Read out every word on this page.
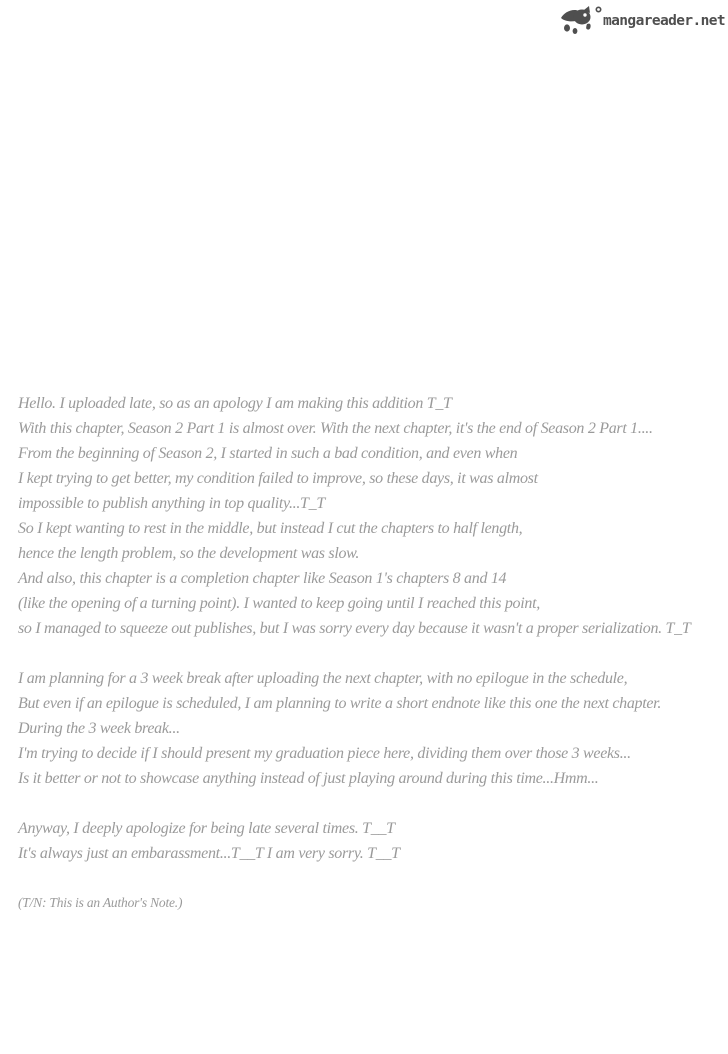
mangareader.net
Hello. I uploaded late, so as an apology I am making this addition T_T
With this chapter, Season 2 Part 1 is almost over. With the next chapter, it's the end of Season 2 Part 1....
From the beginning of Season 2, I started in such a bad condition, and even when
I kept trying to get better, my condition failed to improve, so these days, it was almost
impossible to publish anything in top quality...T_T
So I kept wanting to rest in the middle, but instead I cut the chapters to half length,
hence the length problem, so the development was slow.
And also, this chapter is a completion chapter like Season 1's chapters 8 and 14
(like the opening of a turning point). I wanted to keep going until I reached this point,
so I managed to squeeze out publishes, but I was sorry every day because it wasn't a proper serialization. T_T
I am planning for a 3 week break after uploading the next chapter, with no epilogue in the schedule,
But even if an epilogue is scheduled, I am planning to write a short endnote like this one the next chapter.
During the 3 week break...
I'm trying to decide if I should present my graduation piece here, dividing them over those 3 weeks...
Is it better or not to showcase anything instead of just playing around during this time...Hmm...
Anyway, I deeply apologize for being late several times. T__T
It's always just an embarassment...T__T I am very sorry. T__T
(T/N: This is an Author's Note.)
